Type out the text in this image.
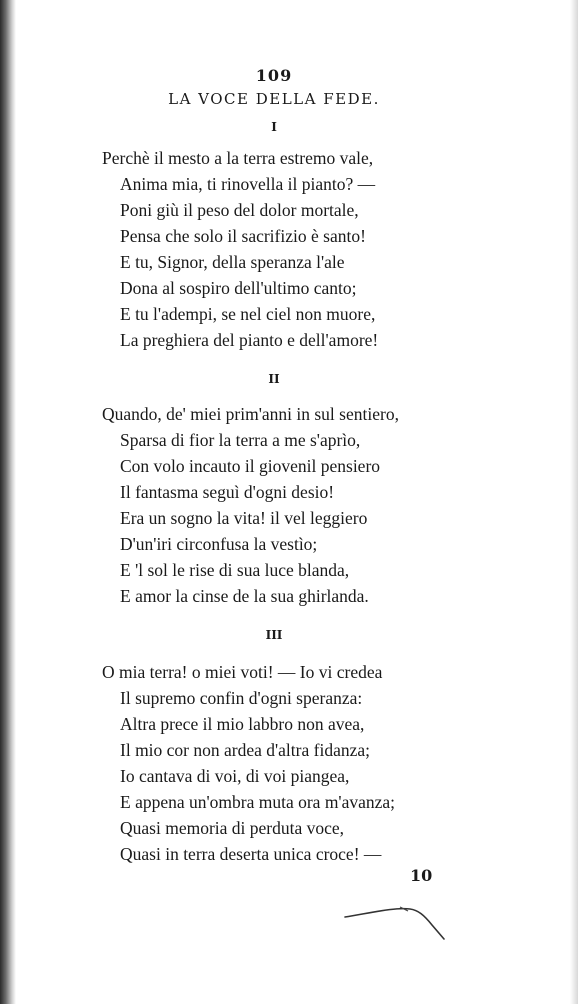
109
LA VOCE DELLA FEDE.
I
Perchè il mesto a la terra estremo vale,
Anima mia, ti rinovella il pianto? —
Poni giù il peso del dolor mortale,
Pensa che solo il sacrifizio è santo!
E tu, Signor, della speranza l'ale
Dona al sospiro dell'ultimo canto;
E tu l'adempi, se nel ciel non muore,
La preghiera del pianto e dell'amore!
II
Quando, de' miei prim'anni in sul sentiero,
Sparsa di fior la terra a me s'aprìo,
Con volo incauto il giovenil pensiero
Il fantasma seguì d'ogni desio!
Era un sogno la vita! il vel leggiero
D'un'iri circonfusa la vestìo;
E 'l sol le rise di sua luce blanda,
E amor la cinse de la sua ghirlanda.
III
O mia terra! o miei voti! — Io vi credea
Il supremo confin d'ogni speranza:
Altra prece il mio labbro non avea,
Il mio cor non ardea d'altra fidanza;
Io cantava di voi, di voi piangea,
E appena un'ombra muta ora m'avanza;
Quasi memoria di perduta voce,
Quasi in terra deserta unica croce! —
10
